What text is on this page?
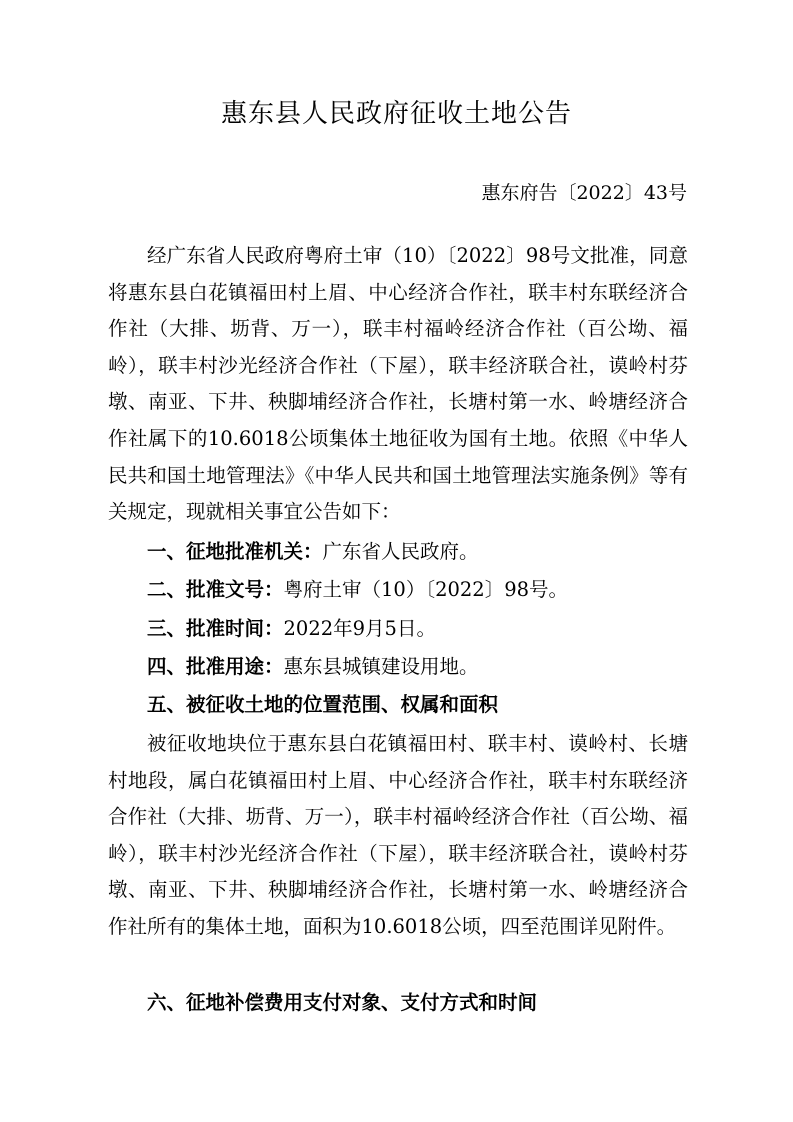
惠东县人民政府征收土地公告
惠东府告〔2022〕43号
经广东省人民政府粤府土审（10）〔2022〕98号文批准，同意将惠东县白花镇福田村上眉、中心经济合作社，联丰村东联经济合作社（大排、坜背、万一），联丰村福岭经济合作社（百公坳、福岭），联丰村沙光经济合作社（下屋），联丰经济联合社，谟岭村芬墩、南亚、下井、秧脚埔经济合作社，长塘村第一水、岭塘经济合作社属下的10.6018公顷集体土地征收为国有土地。依照《中华人民共和国土地管理法》《中华人民共和国土地管理法实施条例》等有关规定，现就相关事宜公告如下：
一、征地批准机关：广东省人民政府。
二、批准文号：粤府土审（10）〔2022〕98号。
三、批准时间：2022年9月5日。
四、批准用途：惠东县城镇建设用地。
五、被征收土地的位置范围、权属和面积
被征收地块位于惠东县白花镇福田村、联丰村、谟岭村、长塘村地段，属白花镇福田村上眉、中心经济合作社，联丰村东联经济合作社（大排、坜背、万一），联丰村福岭经济合作社（百公坳、福岭），联丰村沙光经济合作社（下屋），联丰经济联合社，谟岭村芬墩、南亚、下井、秧脚埔经济合作社，长塘村第一水、岭塘经济合作社所有的集体土地，面积为10.6018公顷，四至范围详见附件。
六、征地补偿费用支付对象、支付方式和时间
